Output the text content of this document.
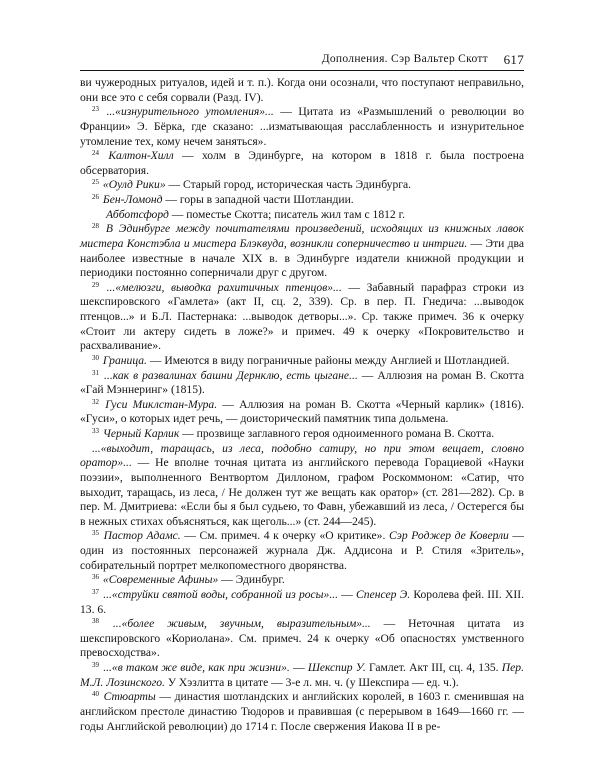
Дополнения. Сэр Вальтер Скотт 617

ви чужеродных ритуалов, идей и т. п.). Когда они осознали, что поступают неправильно, они все это с себя сорвали (Разд. IV).

$^{23}$ ...«изнурительного утомления»... — Цитата из «Размышлений о революции во Франции» Э. Бёрка, где сказано: ...изматывающая расслабленность и изнурительное утомление тех, кому нечем заняться».

$^{24}$ Калтон-Хилл — холм в Эдинбурге, на котором в 1818 г. была построена обсерватория.

$^{25}$ «Оулд Рики» — Старый город, историческая часть Эдинбурга.

$^{26}$ Бен-Ломонд — горы в западной части Шотландии.

Абботсфорд — поместье Скотта; писатель жил там с 1812 г.

$^{28}$ В Эдинбурге между почитателями произведений, исходящих из книжных лавок мистера Констэбла и мистера Блэквуда, возникли соперничество и интриги. — Эти два наиболее известные в начале XIX в. в Эдинбурге издатели книжной продукции и периодики постоянно соперничали друг с другом.

$^{29}$ ...«мелюзги, выводка рахитичных птенцов»... — Забавный парафраз строки из шекспировского «Гамлета» (акт II, сц. 2, 339). Ср. в пер. П. Гнедича: ...выводок птенцов...» и Б.Л. Пастернака: ...выводок детворы...». Ср. также примеч. 36 к очерку «Стоит ли актеру сидеть в ложе?» и примеч. 49 к очерку «Покровительство и расхваливание».

$^{30}$ Граница. — Имеются в виду пограничные районы между Англией и Шотландией.

$^{31}$ ...как в развалинах башни Дернклю, есть цыгане... — Аллюзия на роман В. Скотта «Гай Мэннеринг» (1815).

$^{32}$ Гуси Миклстан-Мура. — Аллюзия на роман В. Скотта «Черный карлик» (1816). «Гуси», о которых идет речь, — доисторический памятник типа дольмена.

$^{33}$ Черный Карлик — прозвище заглавного героя одноименного романа В. Скотта.

...«выходит, таращась, из леса, подобно сатиру, но при этом вещает, словно оратор»... — Не вполне точная цитата из английского перевода Горациевой «Науки поэзии», выполненного Вентвортом Диллоном, графом Роскоммоном: «Сатир, что выходит, таращась, из леса, / Не должен тут же вещать как оратор» (ст. 281—282). Ср. в пер. М. Дмитриева: «Если бы я был судьею, то Фавн, убежавший из леса, / Остерегся бы в нежных стихах объясняться, как щеголь...» (ст. 244—245).

$^{35}$ Пастор Адамс. — См. примеч. 4 к очерку «О критике». Сэр Роджер де Коверли — один из постоянных персонажей журнала Дж. Аддисона и Р. Стиля «Зритель», собирательный портрет мелкопоместного дворянства.

$^{36}$ «Современные Афины» — Эдинбург.

$^{37}$ ...«струйки святой воды, собранной из росы»... — Спенсер Э. Королева фей. III. XII. 13. 6.

$^{38}$ ...«более живым, звучным, выразительным»... — Неточная цитата из шекспировского «Кориолана». См. примеч. 24 к очерку «Об опасностях умственного превосходства».

$^{39}$ ...«в таком же виде, как при жизни». — Шекспир У. Гамлет. Акт III, сц. 4, 135. Пер. М.Л. Лозинского. У Хэзлитта в цитате — 3-е л. мн. ч. (у Шекспира — ед. ч.).

$^{40}$ Стюарты — династия шотландских и английских королей, в 1603 г. сменившая на английском престоле династию Тюдоров и правившая (с перерывом в 1649—1660 гг. — годы Английской революции) до 1714 г. После свержения Иакова II в ре-
